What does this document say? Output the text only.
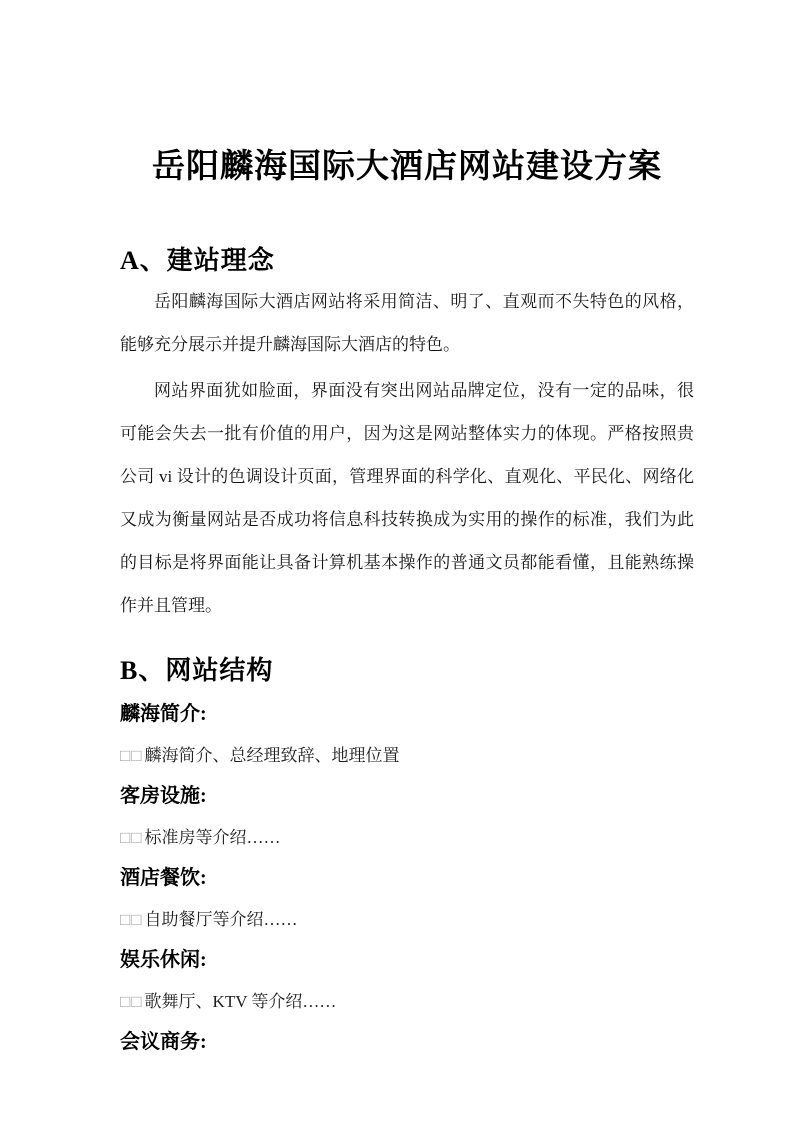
岳阳麟海国际大酒店网站建设方案
A、建站理念
岳阳麟海国际大酒店网站将采用简洁、明了、直观而不失特色的风格，能够充分展示并提升麟海国际大酒店的特色。
网站界面犹如脸面，界面没有突出网站品牌定位，没有一定的品味，很可能会失去一批有价值的用户，因为这是网站整体实力的体现。严格按照贵公司 vi 设计的色调设计页面，管理界面的科学化、直观化、平民化、网络化又成为衡量网站是否成功将信息科技转换成为实用的操作的标准，我们为此的目标是将界面能让具备计算机基本操作的普通文员都能看懂，且能熟练操作并且管理。
B、网站结构
麟海简介:
□□ 麟海简介、总经理致辞、地理位置
客房设施:
□□ 标准房等介绍……
酒店餐饮:
□□ 自助餐厅等介绍……
娱乐休闲:
□□ 歌舞厅、KTV 等介绍……
会议商务:
